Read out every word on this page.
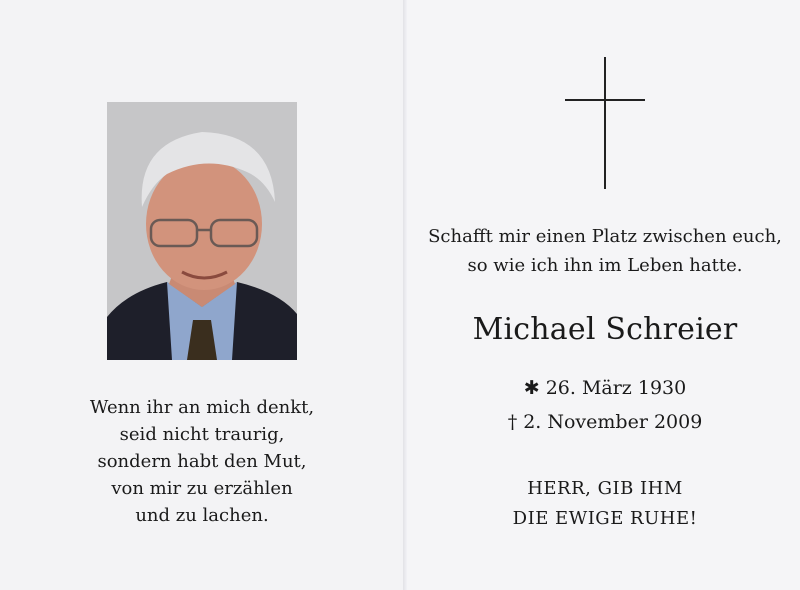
Wenn ihr an mich denkt,
seid nicht traurig,
sondern habt den Mut,
von mir zu erzählen
und zu lachen.
Schafft mir einen Platz zwischen euch,
so wie ich ihn im Leben hatte.
Michael Schreier
✱ 26. März 1930
† 2. November 2009
HERR, GIB IHM
DIE EWIGE RUHE!
